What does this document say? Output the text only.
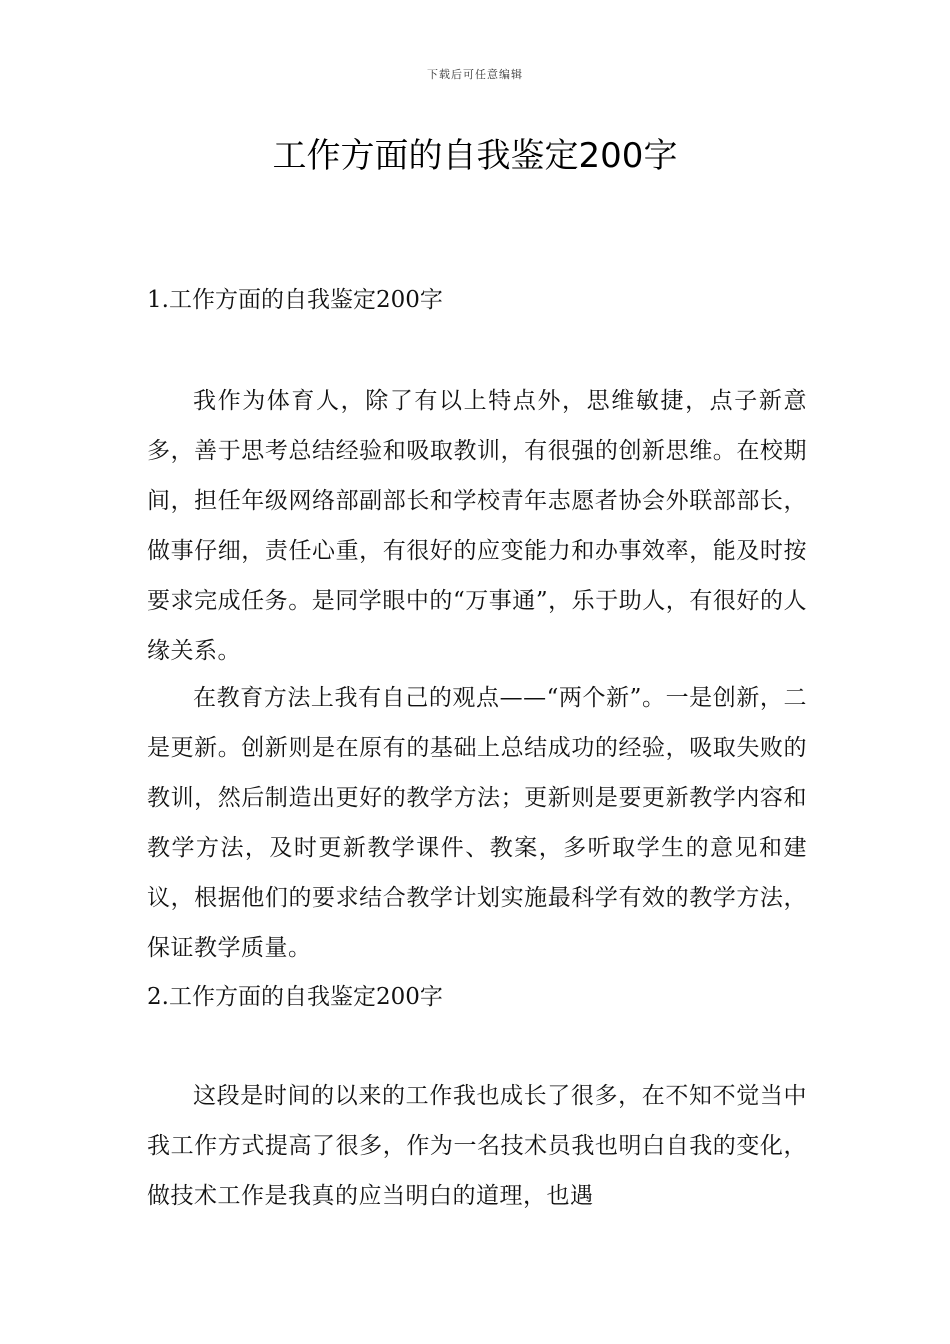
下载后可任意编辑
工作方面的自我鉴定200字

1.工作方面的自我鉴定200字

我作为体育人，除了有以上特点外，思维敏捷，点子新意多，善于思考总结经验和吸取教训，有很强的创新思维。在校期间，担任年级网络部副部长和学校青年志愿者协会外联部部长，做事仔细，责任心重，有很好的应变能力和办事效率，能及时按要求完成任务。是同学眼中的“万事通”，乐于助人，有很好的人缘关系。

在教育方法上我有自己的观点——“两个新”。一是创新，二是更新。创新则是在原有的基础上总结成功的经验，吸取失败的教训，然后制造出更好的教学方法；更新则是要更新教学内容和教学方法，及时更新教学课件、教案，多听取学生的意见和建议，根据他们的要求结合教学计划实施最科学有效的教学方法，保证教学质量。

2.工作方面的自我鉴定200字

这段是时间的以来的工作我也成长了很多，在不知不觉当中我工作方式提高了很多，作为一名技术员我也明白自我的变化，做技术工作是我真的应当明白的道理，也遇
